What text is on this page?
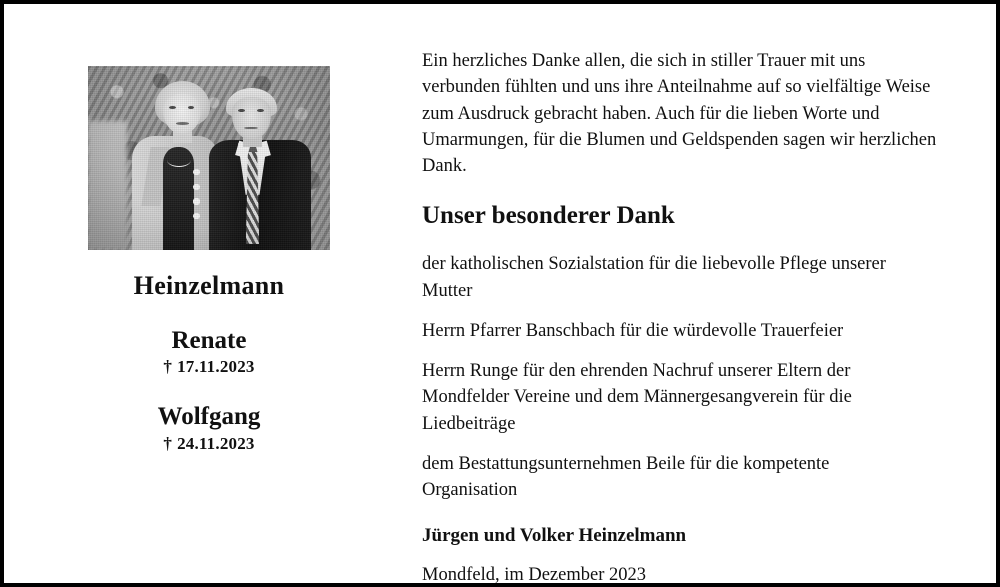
Heinzelmann
Renate
† 17.11.2023
Wolfgang
† 24.11.2023

Ein herzliches Danke allen, die sich in stiller Trauer mit uns verbunden fühlten und uns ihre Anteilnahme auf so vielfältige Weise zum Ausdruck gebracht haben. Auch für die lieben Worte und Umarmungen, für die Blumen und Geldspenden sagen wir herzlichen Dank.

Unser besonderer Dank

der katholischen Sozialstation für die liebevolle Pflege unserer Mutter

Herrn Pfarrer Banschbach für die würdevolle Trauerfeier

Herrn Runge für den ehrenden Nachruf unserer Eltern der Mondfelder Vereine und dem Männergesangverein für die Liedbeiträge

dem Bestattungsunternehmen Beile für die kompetente Organisation

Jürgen und Volker Heinzelmann

Mondfeld, im Dezember 2023
